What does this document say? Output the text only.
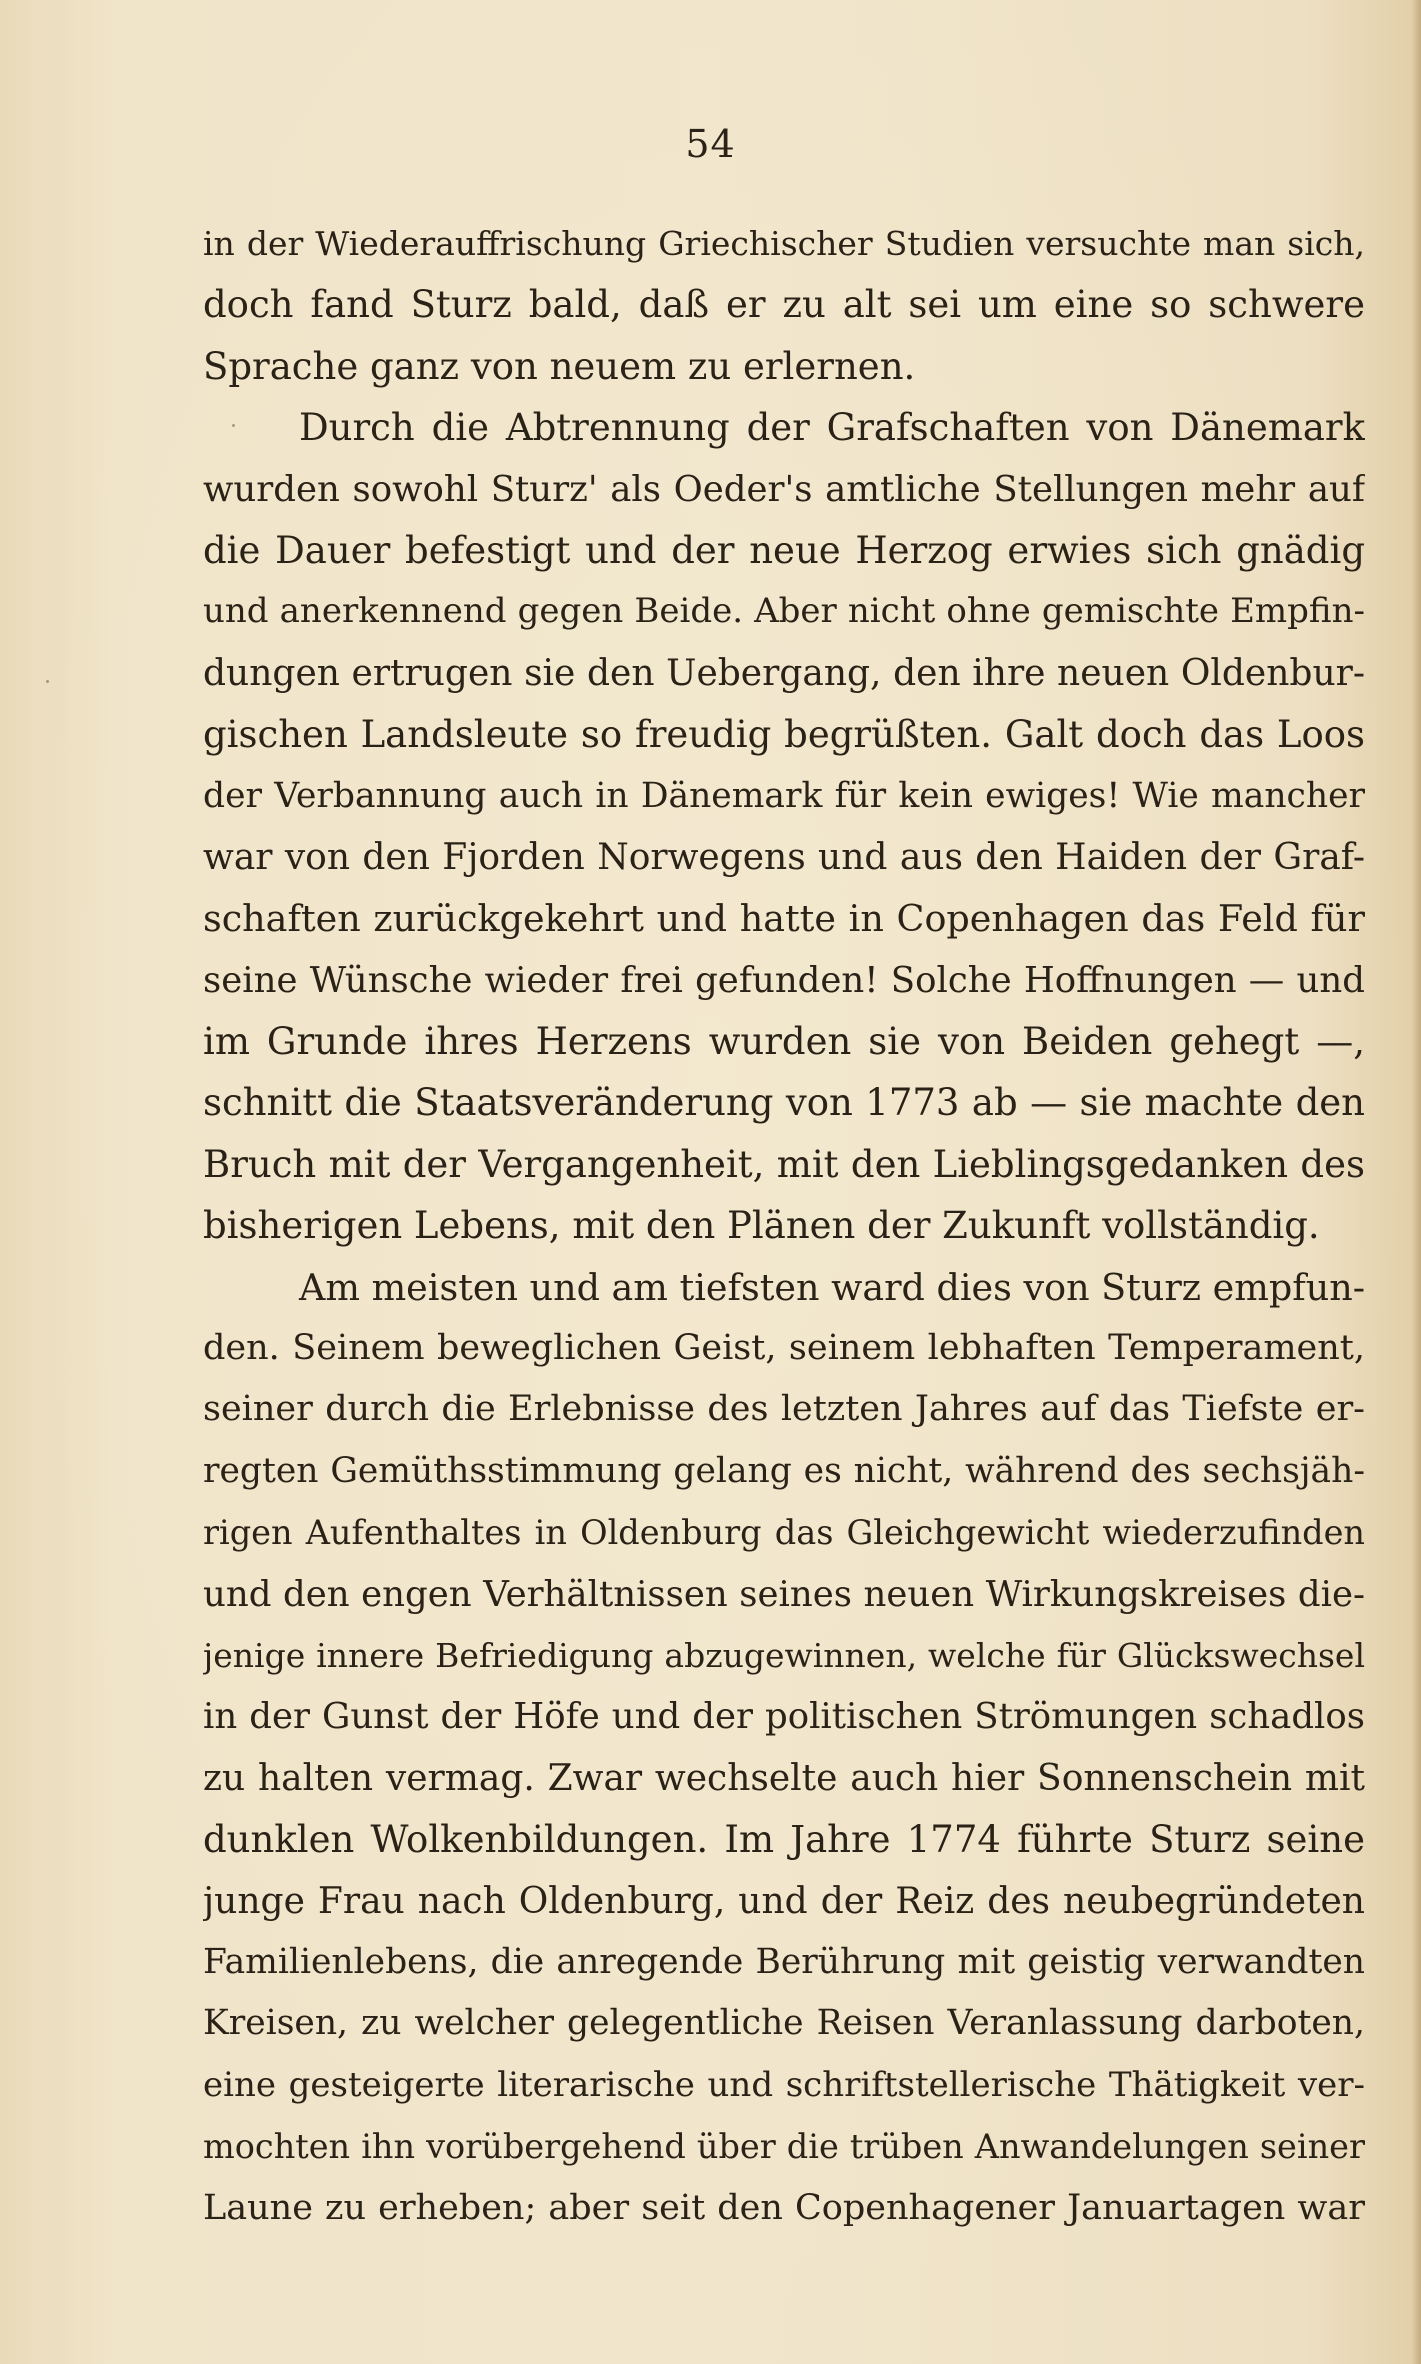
54
in der Wiederauffrischung Griechischer Studien versuchte man sich,
doch fand Sturz bald, daß er zu alt sei um eine so schwere
Sprache ganz von neuem zu erlernen.
Durch die Abtrennung der Grafschaften von Dänemark
wurden sowohl Sturz' als Oeder's amtliche Stellungen mehr auf
die Dauer befestigt und der neue Herzog erwies sich gnädig
und anerkennend gegen Beide. Aber nicht ohne gemischte Empfin-
dungen ertrugen sie den Uebergang, den ihre neuen Oldenbur-
gischen Landsleute so freudig begrüßten. Galt doch das Loos
der Verbannung auch in Dänemark für kein ewiges! Wie mancher
war von den Fjorden Norwegens und aus den Haiden der Graf-
schaften zurückgekehrt und hatte in Copenhagen das Feld für
seine Wünsche wieder frei gefunden! Solche Hoffnungen — und
im Grunde ihres Herzens wurden sie von Beiden gehegt —,
schnitt die Staatsveränderung von 1773 ab — sie machte den
Bruch mit der Vergangenheit, mit den Lieblingsgedanken des
bisherigen Lebens, mit den Plänen der Zukunft vollständig.
Am meisten und am tiefsten ward dies von Sturz empfun-
den. Seinem beweglichen Geist, seinem lebhaften Temperament,
seiner durch die Erlebnisse des letzten Jahres auf das Tiefste er-
regten Gemüthsstimmung gelang es nicht, während des sechsjäh-
rigen Aufenthaltes in Oldenburg das Gleichgewicht wiederzufinden
und den engen Verhältnissen seines neuen Wirkungskreises die-
jenige innere Befriedigung abzugewinnen, welche für Glückswechsel
in der Gunst der Höfe und der politischen Strömungen schadlos
zu halten vermag. Zwar wechselte auch hier Sonnenschein mit
dunklen Wolkenbildungen. Im Jahre 1774 führte Sturz seine
junge Frau nach Oldenburg, und der Reiz des neubegründeten
Familienlebens, die anregende Berührung mit geistig verwandten
Kreisen, zu welcher gelegentliche Reisen Veranlassung darboten,
eine gesteigerte literarische und schriftstellerische Thätigkeit ver-
mochten ihn vorübergehend über die trüben Anwandelungen seiner
Laune zu erheben; aber seit den Copenhagener Januartagen war
